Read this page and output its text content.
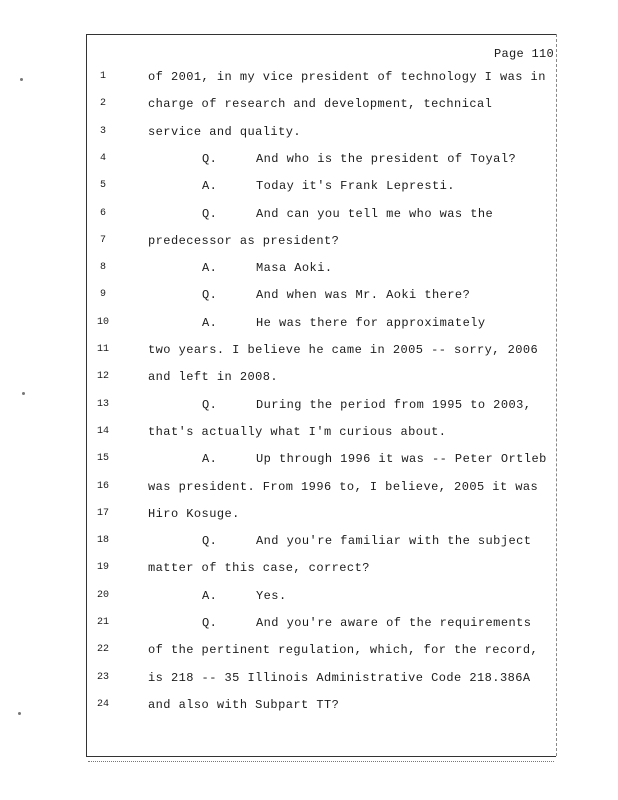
Page 110
1	of 2001, in my vice president of technology I was in
2	charge of research and development, technical
3	service and quality.
4	Q.	And who is the president of Toyal?
5	A.	Today it's Frank Lepresti.
6	Q.	And can you tell me who was the
7	predecessor as president?
8	A.	Masa Aoki.
9	Q.	And when was Mr. Aoki there?
10	A.	He was there for approximately
11	two years. I believe he came in 2005 -- sorry, 2006
12	and left in 2008.
13	Q.	During the period from 1995 to 2003,
14	that's actually what I'm curious about.
15	A.	Up through 1996 it was -- Peter Ortleb
16	was president. From 1996 to, I believe, 2005 it was
17	Hiro Kosuge.
18	Q.	And you're familiar with the subject
19	matter of this case, correct?
20	A.	Yes.
21	Q.	And you're aware of the requirements
22	of the pertinent regulation, which, for the record,
23	is 218 -- 35 Illinois Administrative Code 218.386A
24	and also with Subpart TT?
